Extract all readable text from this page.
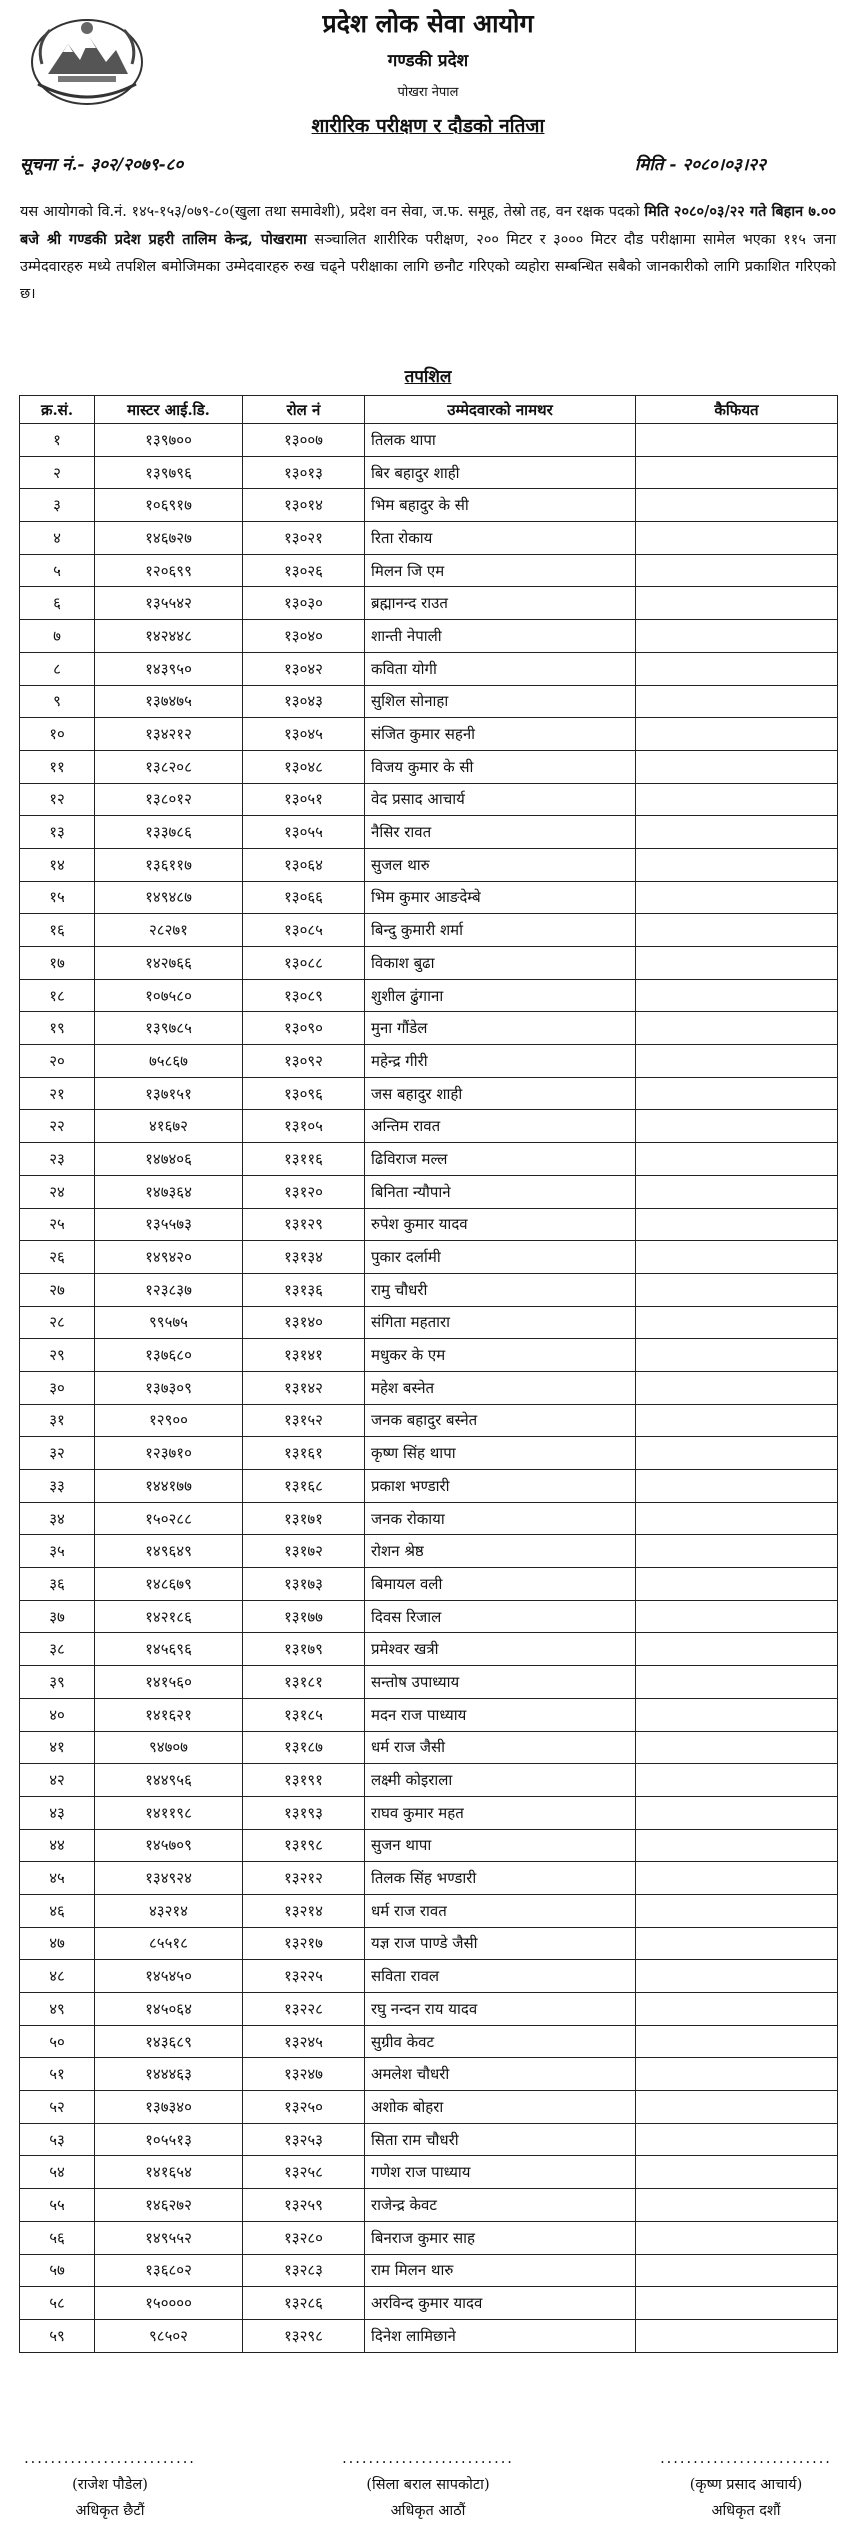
प्रदेश लोक सेवा आयोग
गण्डकी प्रदेश
पोखरा नेपाल
शारीरिक परीक्षण र दौडको नतिजा
सूचना नं.- ३०२/२०७९-८०	मिति - २०८०।०३।२२
यस आयोगको वि.नं. १४५-१५३/०७९-८०(खुला तथा समावेशी), प्रदेश वन सेवा, ज.फ. समूह, तेस्रो तह, वन रक्षक पदको मिति २०८०/०३/२२ गते बिहान ७.०० बजे श्री गण्डकी प्रदेश प्रहरी तालिम केन्द्र, पोखरामा सञ्चालित शारीरिक परीक्षण, २०० मिटर र ३००० मिटर दौड परीक्षामा सामेल भएका ११५ जना उम्मेदवारहरु मध्ये तपशिल बमोजिमका उम्मेदवारहरु रुख चढ्ने परीक्षाका लागि छनौट गरिएको व्यहोरा सम्बन्धित सबैको जानकारीको लागि प्रकाशित गरिएको छ।
तपशिल
क्र.सं.	मास्टर आई.डि.	रोल नं	उम्मेदवारको नामथर	कैफियत
१	१३९७००	१३००७	तिलक थापा	
२	१३९७९६	१३०१३	बिर बहादुर शाही	
३	१०६९१७	१३०१४	भिम बहादुर के सी	
४	१४६७२७	१३०२१	रिता रोकाय	
५	१२०६९९	१३०२६	मिलन जि एम	
६	१३५५४२	१३०३०	ब्रह्मानन्द राउत	
७	१४२४४८	१३०४०	शान्ती नेपाली	
८	१४३९५०	१३०४२	कविता योगी	
९	१३७४७५	१३०४३	सुशिल सोनाहा	
१०	१३४२१२	१३०४५	संजित कुमार सहनी	
११	१३८२०८	१३०४८	विजय कुमार के सी	
१२	१३८०१२	१३०५१	वेद प्रसाद आचार्य	
१३	१३३७८६	१३०५५	नैसिर रावत	
१४	१३६११७	१३०६४	सुजल थारु	
१५	१४९४८७	१३०६६	भिम कुमार आङदेम्बे	
१६	२८२७१	१३०८५	बिन्दु कुमारी शर्मा	
१७	१४२७६६	१३०८८	विकाश बुढा	
१८	१०७५८०	१३०८९	शुशील ढुंगाना	
१९	१३९७८५	१३०९०	मुना गौंडेल	
२०	७५८६७	१३०९२	महेन्द्र गीरी	
२१	१३७१५१	१३०९६	जस बहादुर शाही	
२२	४१६७२	१३१०५	अन्तिम रावत	
२३	१४७४०६	१३११६	ढिविराज मल्ल	
२४	१४७३६४	१३१२०	बिनिता न्यौपाने	
२५	१३५५७३	१३१२९	रुपेश कुमार यादव	
२६	१४९४२०	१३१३४	पुकार दर्लामी	
२७	१२३८३७	१३१३६	रामु चौधरी	
२८	९९५७५	१३१४०	संगिता महतारा	
२९	१३७६८०	१३१४१	मधुकर के एम	
३०	१३७३०९	१३१४२	महेश बस्नेत	
३१	१२९००	१३१५२	जनक बहादुर बस्नेत	
३२	१२३७१०	१३१६१	कृष्ण सिंह थापा	
३३	१४४१७७	१३१६८	प्रकाश भण्डारी	
३४	१५०२८८	१३१७१	जनक रोकाया	
३५	१४९६४९	१३१७२	रोशन श्रेष्ठ	
३६	१४८६७९	१३१७३	बिमायल वली	
३७	१४२१८६	१३१७७	दिवस रिजाल	
३८	१४५६९६	१३१७९	प्रमेश्वर खत्री	
३९	१४१५६०	१३१८१	सन्तोष उपाध्याय	
४०	१४१६२१	१३१८५	मदन राज पाध्याय	
४१	९४७०७	१३१८७	धर्म राज जैसी	
४२	१४४९५६	१३१९१	लक्ष्मी कोइराला	
४३	१४११९८	१३१९३	राघव कुमार महत	
४४	१४५७०९	१३१९८	सुजन थापा	
४५	१३४९२४	१३२१२	तिलक सिंह भण्डारी	
४६	४३२१४	१३२१४	धर्म राज रावत	
४७	८५५१८	१३२१७	यज्ञ राज पाण्डे जैसी	
४८	१४५४५०	१३२२५	सविता रावल	
४९	१४५०६४	१३२२८	रघु नन्दन राय यादव	
५०	१४३६८९	१३२४५	सुग्रीव केवट	
५१	१४४४६३	१३२४७	अमलेश चौधरी	
५२	१३७३४०	१३२५०	अशोक बोहरा	
५३	१०५५१३	१३२५३	सिता राम चौधरी	
५४	१४१६५४	१३२५८	गणेश राज पाध्याय	
५५	१४६२७२	१३२५९	राजेन्द्र केवट	
५६	१४९५५२	१३२८०	बिनराज कुमार साह	
५७	१३६८०२	१३२८३	राम मिलन थारु	
५८	१५००००	१३२८६	अरविन्द कुमार यादव	
५९	९८५०२	१३२९८	दिनेश लामिछाने	
..........................
(राजेश पौडेल)
अधिकृत छैटौं
..........................
(सिला बराल सापकोटा)
अधिकृत आठौं
..........................
(कृष्ण प्रसाद आचार्य)
अधिकृत दशौं
